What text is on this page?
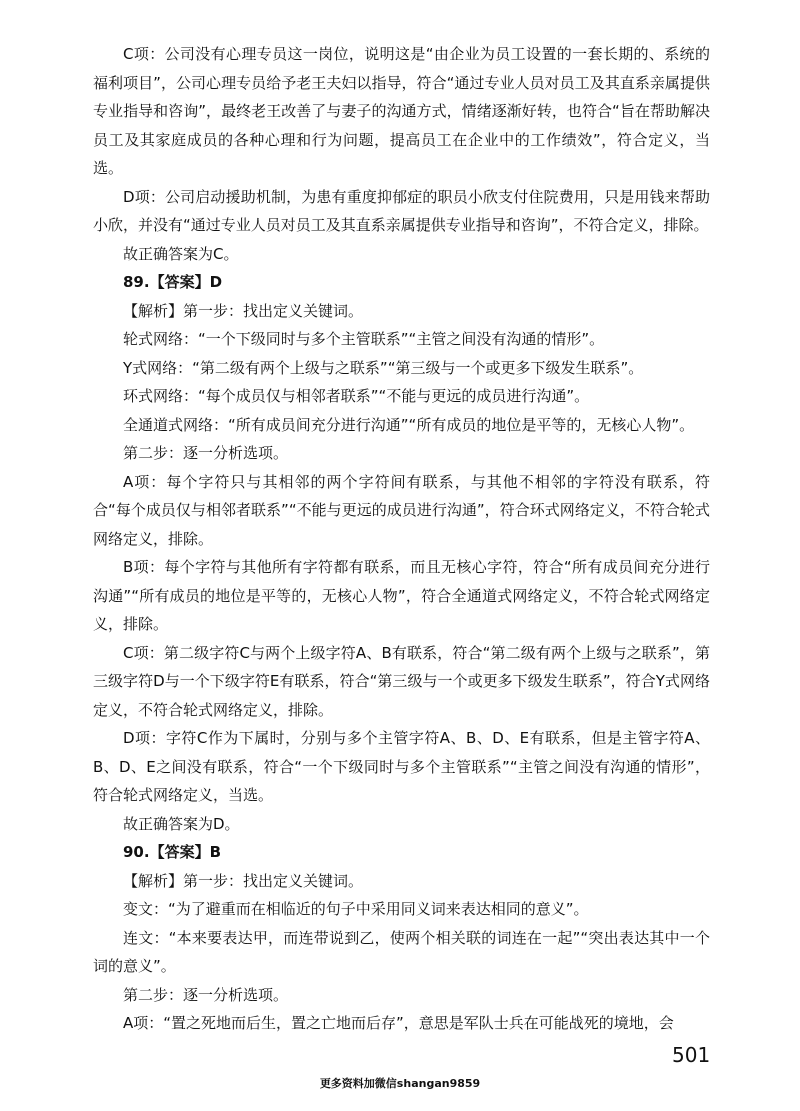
C项：公司没有心理专员这一岗位，说明这是“由企业为员工设置的一套长期的、系统的福利项目”，公司心理专员给予老王夫妇以指导，符合“通过专业人员对员工及其直系亲属提供专业指导和咨询”，最终老王改善了与妻子的沟通方式，情绪逐渐好转，也符合“旨在帮助解决员工及其家庭成员的各种心理和行为问题，提高员工在企业中的工作绩效”，符合定义，当选。

D项：公司启动援助机制，为患有重度抑郁症的职员小欣支付住院费用，只是用钱来帮助小欣，并没有“通过专业人员对员工及其直系亲属提供专业指导和咨询”，不符合定义，排除。

故正确答案为C。

89.【答案】D

【解析】第一步：找出定义关键词。

轮式网络：“一个下级同时与多个主管联系”“主管之间没有沟通的情形”。

Y式网络：“第二级有两个上级与之联系”“第三级与一个或更多下级发生联系”。

环式网络：“每个成员仅与相邻者联系”“不能与更远的成员进行沟通”。

全通道式网络：“所有成员间充分进行沟通”“所有成员的地位是平等的，无核心人物”。

第二步：逐一分析选项。

A项：每个字符只与其相邻的两个字符间有联系，与其他不相邻的字符没有联系，符合“每个成员仅与相邻者联系”“不能与更远的成员进行沟通”，符合环式网络定义，不符合轮式网络定义，排除。

B项：每个字符与其他所有字符都有联系，而且无核心字符，符合“所有成员间充分进行沟通”“所有成员的地位是平等的，无核心人物”，符合全通道式网络定义，不符合轮式网络定义，排除。

C项：第二级字符C与两个上级字符A、B有联系，符合“第二级有两个上级与之联系”，第三级字符D与一个下级字符E有联系，符合“第三级与一个或更多下级发生联系”，符合Y式网络定义，不符合轮式网络定义，排除。

D项：字符C作为下属时，分别与多个主管字符A、B、D、E有联系，但是主管字符A、B、D、E之间没有联系，符合“一个下级同时与多个主管联系”“主管之间没有沟通的情形”，符合轮式网络定义，当选。

故正确答案为D。

90.【答案】B

【解析】第一步：找出定义关键词。

变文：“为了避重而在相临近的句子中采用同义词来表达相同的意义”。

连文：“本来要表达甲，而连带说到乙，使两个相关联的词连在一起”“突出表达其中一个词的意义”。

第二步：逐一分析选项。

A项：“置之死地而后生，置之亡地而后存”，意思是军队士兵在可能战死的境地，会

501
更多资料加微信shangan9859
